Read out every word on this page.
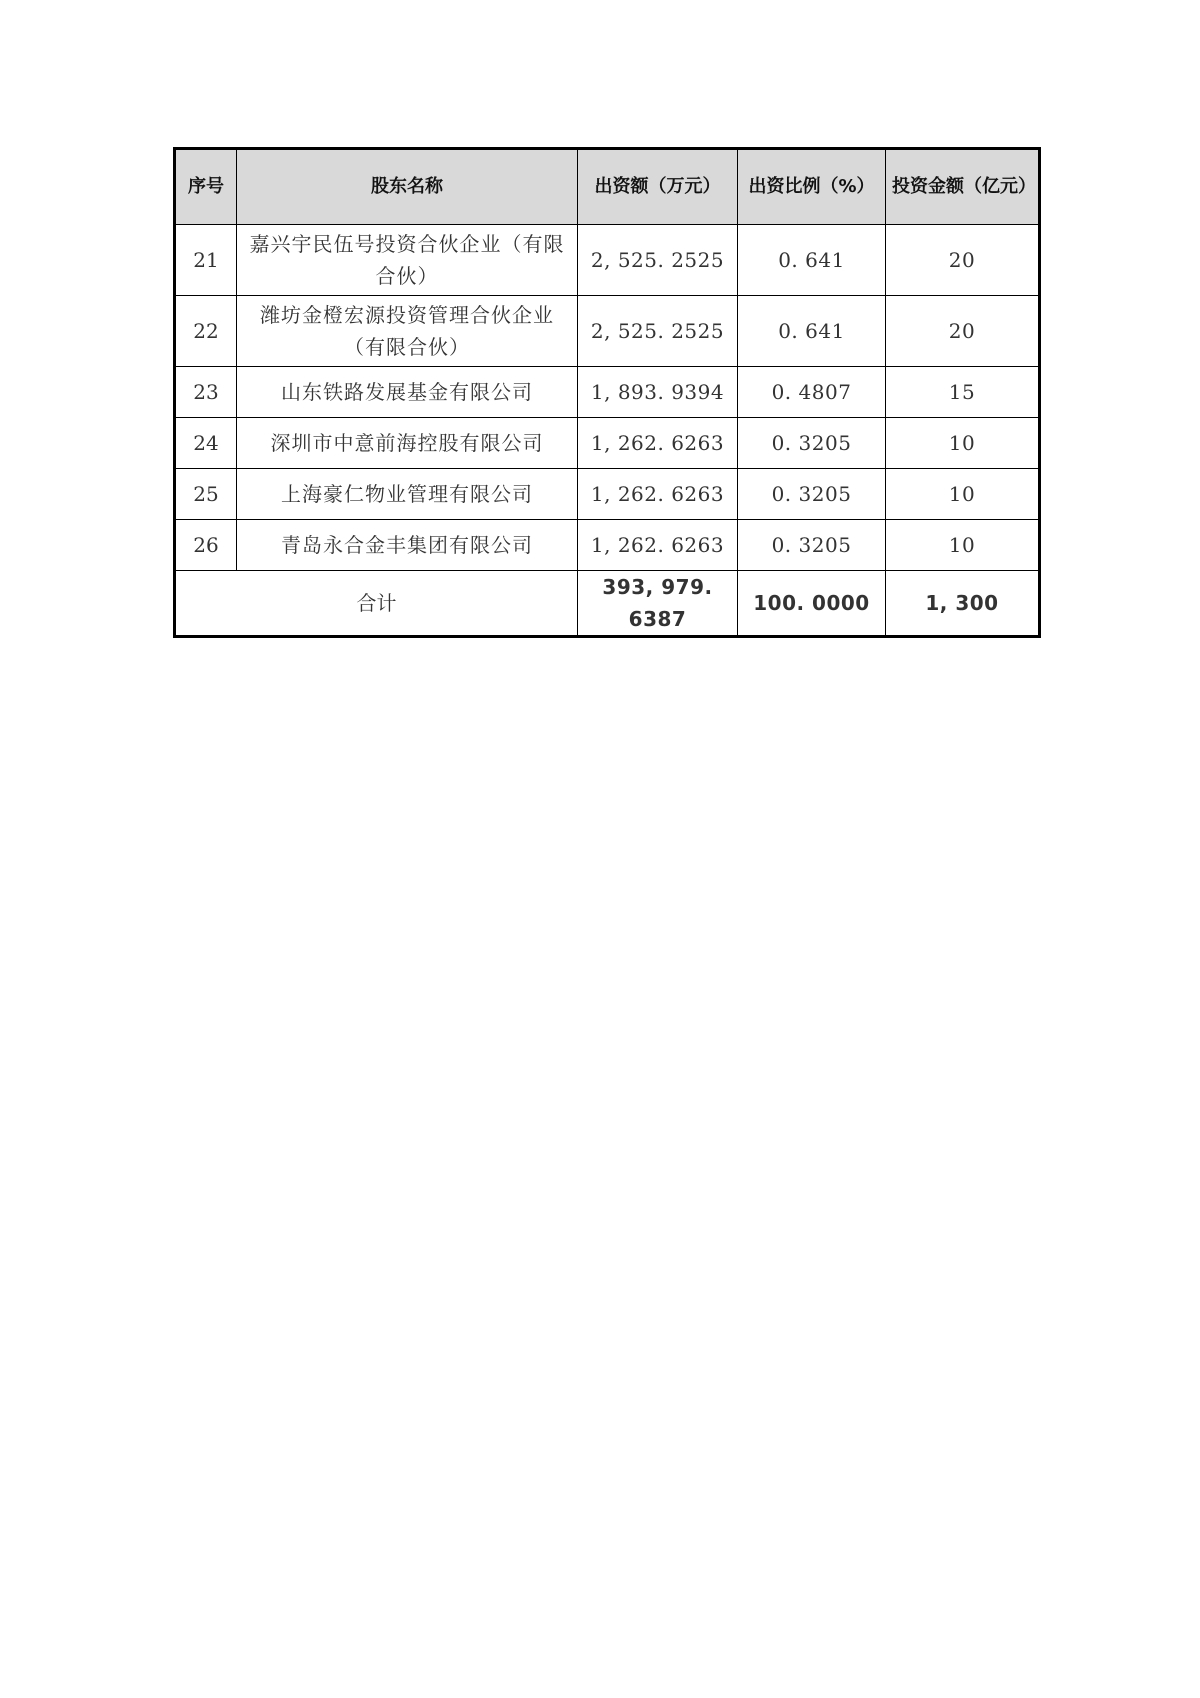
序号	股东名称	出资额（万元）	出资比例（%）	投资金额（亿元）
21	嘉兴宇民伍号投资合伙企业（有限合伙）	2, 525. 2525	0. 641	20
22	潍坊金橙宏源投资管理合伙企业（有限合伙）	2, 525. 2525	0. 641	20
23	山东铁路发展基金有限公司	1, 893. 9394	0. 4807	15
24	深圳市中意前海控股有限公司	1, 262. 6263	0. 3205	10
25	上海豪仁物业管理有限公司	1, 262. 6263	0. 3205	10
26	青岛永合金丰集团有限公司	1, 262. 6263	0. 3205	10
合计		393, 979. 6387	100. 0000	1, 300
